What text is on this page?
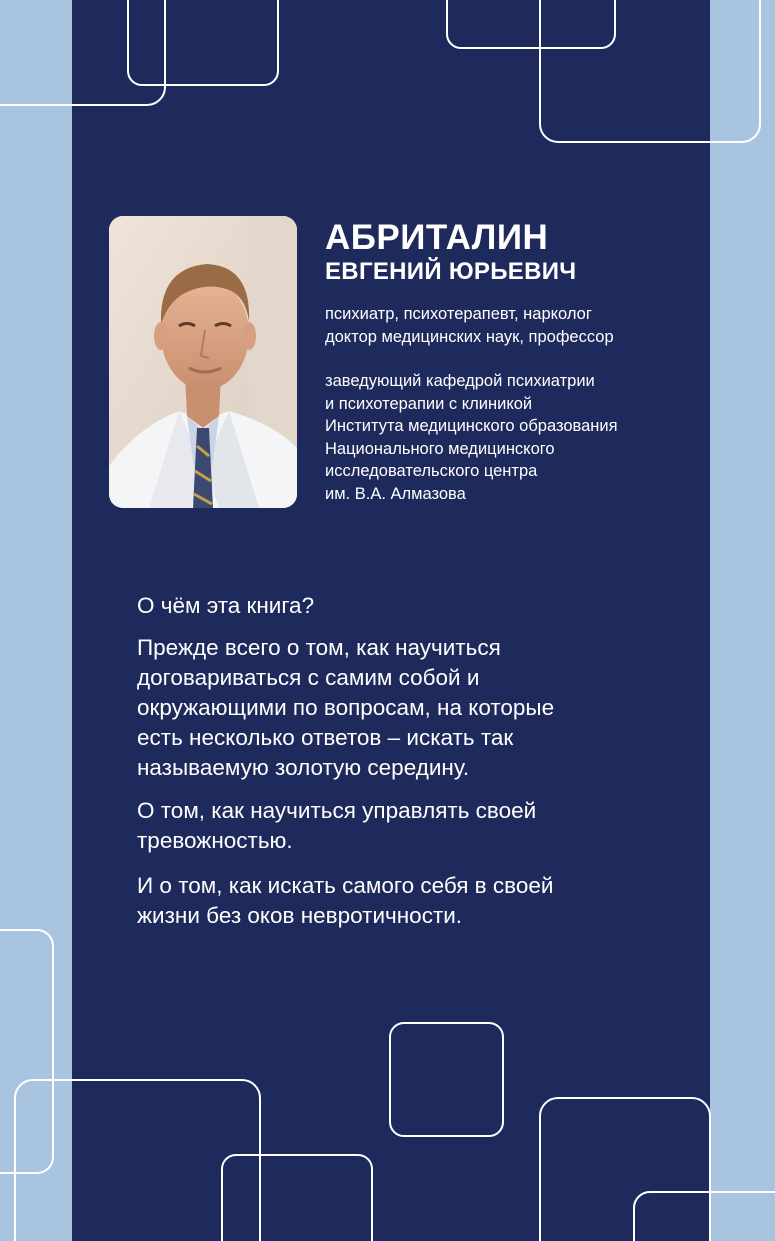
АБРИТАЛИН
ЕВГЕНИЙ ЮРЬЕВИЧ
психиатр, психотерапевт, нарколог
доктор медицинских наук, профессор
заведующий кафедрой психиатрии
и психотерапии с клиникой
Института медицинского образования
Национального медицинского
исследовательского центра
им. В.А. Алмазова
О чём эта книга?
Прежде всего о том, как научиться
договариваться с самим собой и
окружающими по вопросам, на которые
есть несколько ответов – искать так
называемую золотую середину.
О том, как научиться управлять своей
тревожностью.
И о том, как искать самого себя в своей
жизни без оков невротичности.
